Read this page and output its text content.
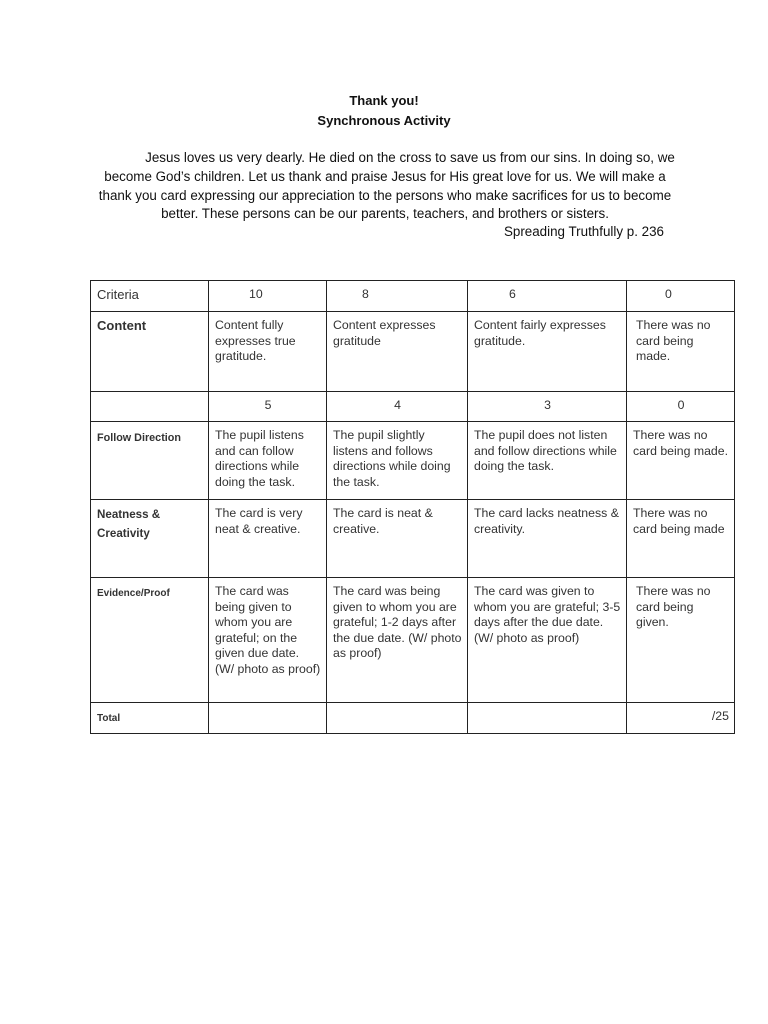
Thank you!
Synchronous Activity

Jesus loves us very dearly. He died on the cross to save us from our sins. In doing so, we become God’s children. Let us thank and praise Jesus for His great love for us. We will make a thank you card expressing our appreciation to the persons who make sacrifices for us to become better. These persons can be our parents, teachers, and brothers or sisters.

Spreading Truthfully p. 236
Criteria	10	8	6	0
Content	Content fully expresses true gratitude.	Content expresses gratitude	Content fairly expresses gratitude.	There was no card being made.
	5	4	3	0
Follow Direction	The pupil listens and can follow directions while doing the task.	The pupil slightly listens and follows directions while doing the task.	The pupil does not listen and follow directions while doing the task.	There was no card being made.
Neatness & Creativity	The card is very neat & creative.	The card is neat & creative.	The card lacks neatness & creativity.	There was no card being made
Evidence/Proof	The card was being given to whom you are grateful; on the given due date. (W/ photo as proof)	The card was being given to whom you are grateful; 1-2 days after the due date. (W/ photo as proof)	The card was given to whom you are grateful; 3-5 days after the due date. (W/ photo as proof)	There was no card being given.
Total				/25
